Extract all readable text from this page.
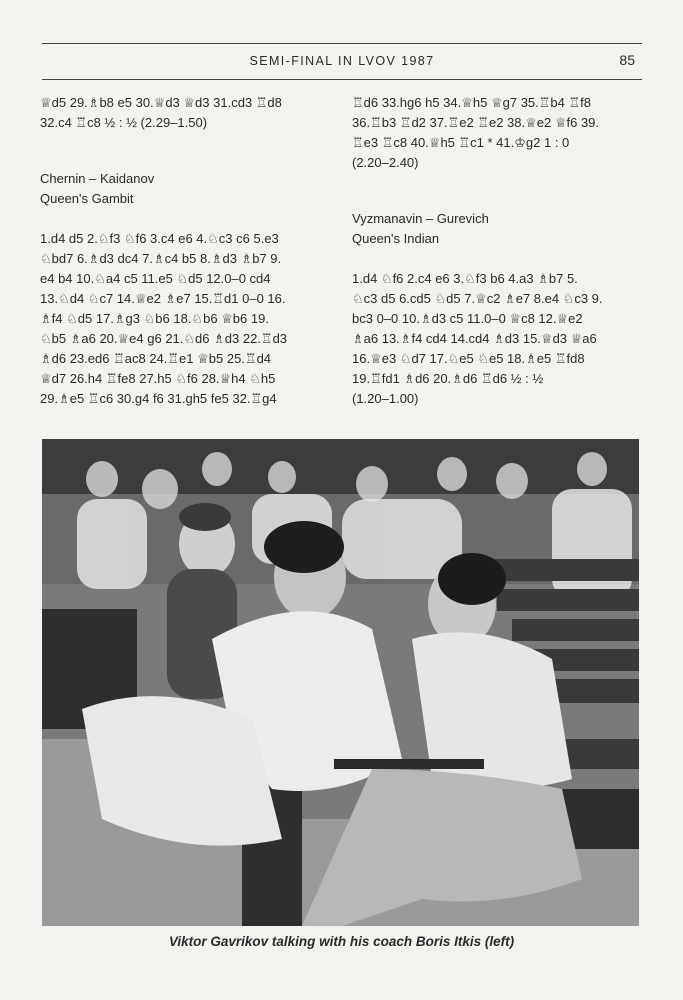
SEMI-FINAL IN LVOV 1987	85

♕d5 29.♗b8 e5 30.♕d3 ♕d3 31.cd3 ♖d8
32.c4 ♖c8 ½ : ½ (2.29–1.50)

Chernin – Kaidanov
Queen's Gambit

1.d4 d5 2.♘f3 ♘f6 3.c4 e6 4.♘c3 c6 5.e3
♘bd7 6.♗d3 dc4 7.♗c4 b5 8.♗d3 ♗b7 9.
e4 b4 10.♘a4 c5 11.e5 ♘d5 12.0–0 cd4
13.♘d4 ♘c7 14.♕e2 ♗e7 15.♖d1 0–0 16.
♗f4 ♘d5 17.♗g3 ♘b6 18.♘b6 ♕b6 19.
♘b5 ♗a6 20.♕e4 g6 21.♘d6 ♗d3 22.♖d3
♗d6 23.ed6 ♖ac8 24.♖e1 ♕b5 25.♖d4
♕d7 26.h4 ♖fe8 27.h5 ♘f6 28.♕h4 ♘h5
29.♗e5 ♖c6 30.g4 f6 31.gh5 fe5 32.♖g4

♖d6 33.hg6 h5 34.♕h5 ♕g7 35.♖b4 ♖f8
36.♖b3 ♖d2 37.♖e2 ♖e2 38.♕e2 ♕f6 39.
♖e3 ♖c8 40.♕h5 ♖c1 * 41.♔g2 1 : 0
(2.20–2.40)

Vyzmanavin – Gurevich
Queen's Indian

1.d4 ♘f6 2.c4 e6 3.♘f3 b6 4.a3 ♗b7 5.
♘c3 d5 6.cd5 ♘d5 7.♕c2 ♗e7 8.e4 ♘c3 9.
bc3 0–0 10.♗d3 c5 11.0–0 ♕c8 12.♕e2
♗a6 13.♗f4 cd4 14.cd4 ♗d3 15.♕d3 ♕a6
16.♕e3 ♘d7 17.♘e5 ♘e5 18.♗e5 ♖fd8
19.♖fd1 ♗d6 20.♗d6 ♖d6 ½ : ½
(1.20–1.00)

Viktor Gavrikov talking with his coach Boris Itkis (left)
